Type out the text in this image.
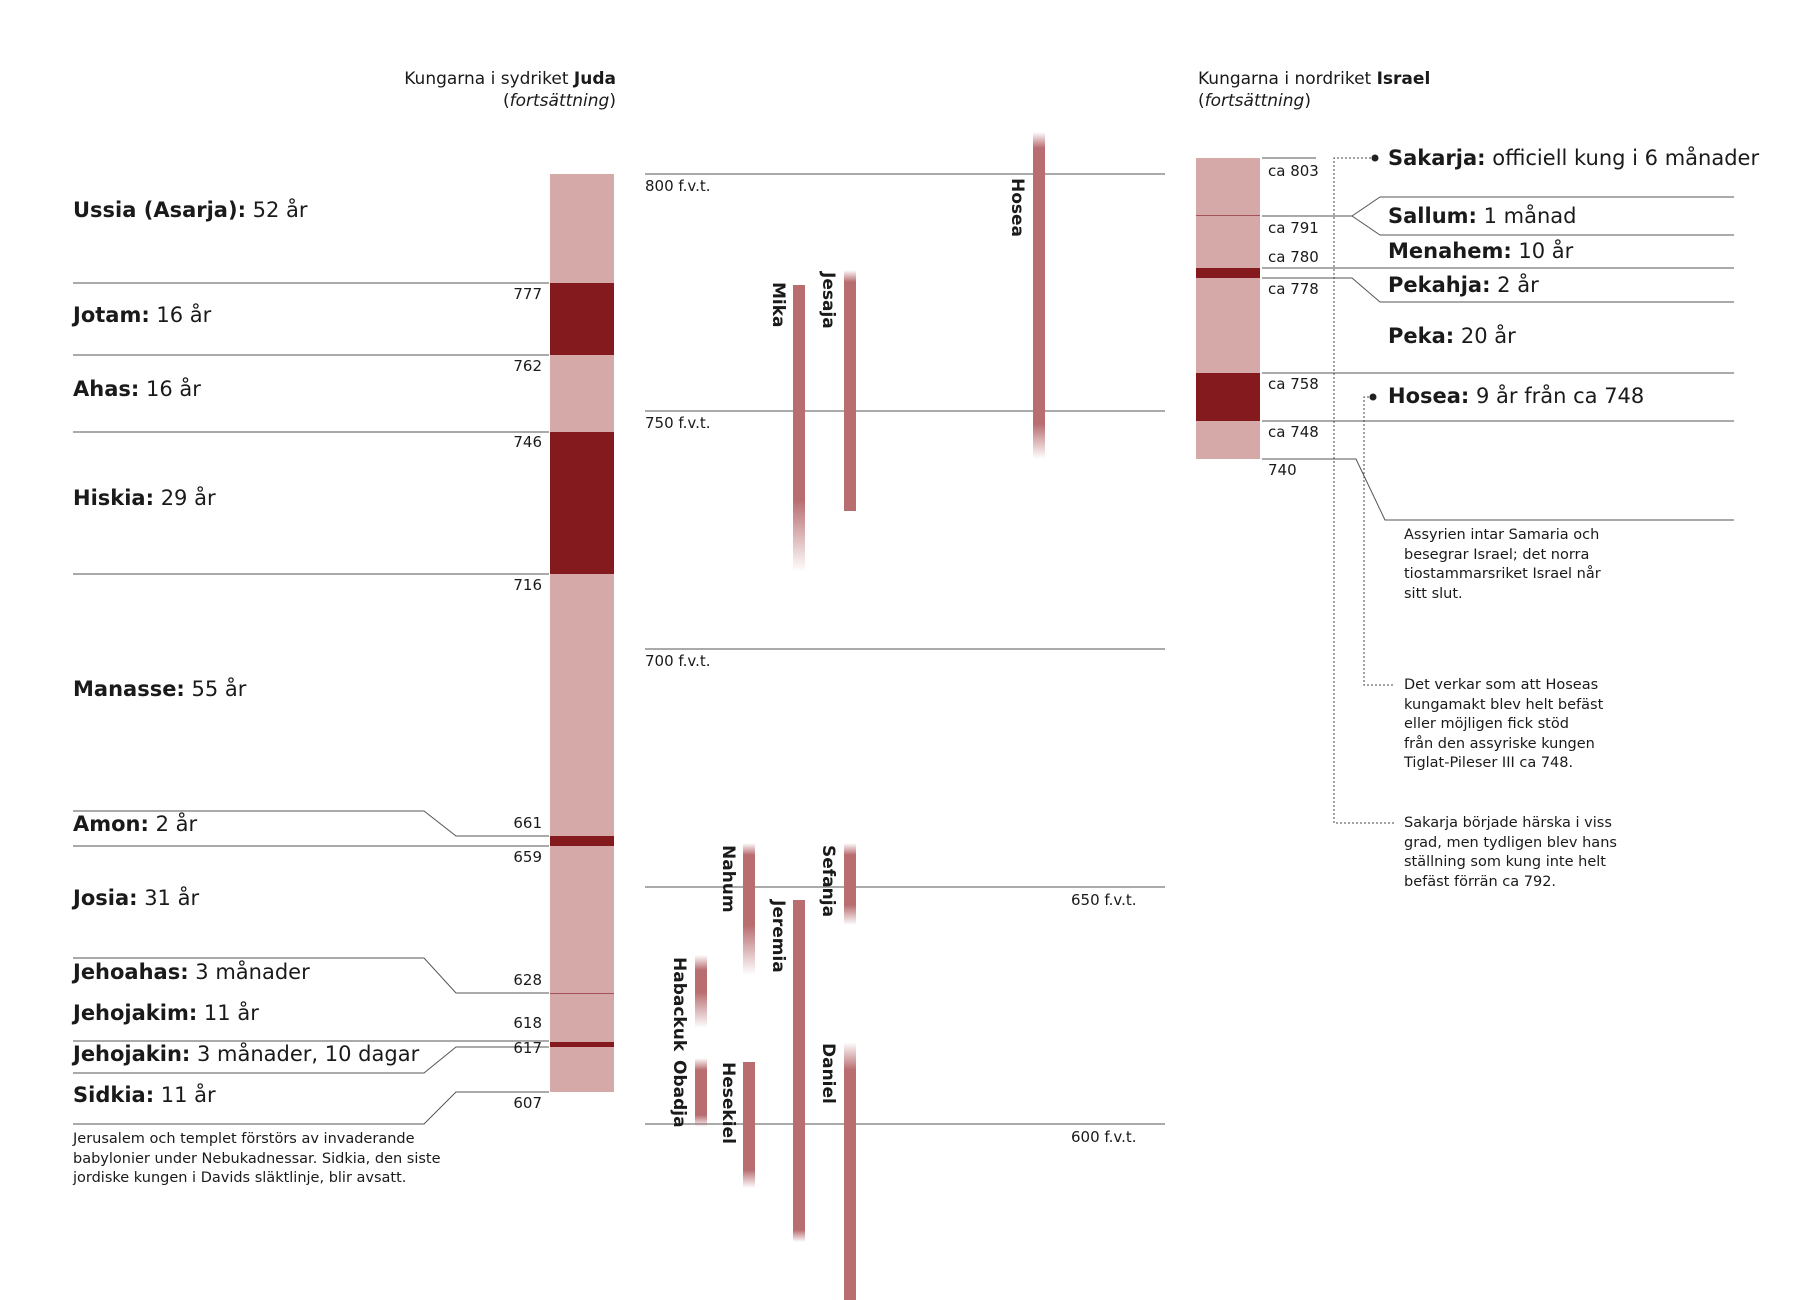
Kungarna i sydriket Juda
(fortsättning)
Kungarna i nordriket Israel
(fortsättning)
Ussia (Asarja): 52 år
Jotam: 16 år
Ahas: 16 år
Hiskia: 29 år
Manasse: 55 år
Amon: 2 år
Josia: 31 år
Jehoahas: 3 månader
Jehojakim: 11 år
Jehojakin: 3 månader, 10 dagar
Sidkia: 11 år
777
762
746
716
661
659
628
618
617
607
Jerusalem och templet förstörs av invaderande
babylonier under Nebukadnessar. Sidkia, den siste
jordiske kungen i Davids släktlinje, blir avsatt.
800 f.v.t.
750 f.v.t.
700 f.v.t.
650 f.v.t.
600 f.v.t.
Hosea
Mika Jesaja
Nahum	Sefanja
Jeremia
Habackuk
Obadja Hesekiel	Daniel
ca 803
ca 791
ca 780
ca 778
ca 758
ca 748
740
Sakarja: officiell kung i 6 månader
Sallum: 1 månad
Menahem: 10 år
Pekahja: 2 år
Peka: 20 år
Hosea: 9 år från ca 748
Assyrien intar Samaria och
besegrar Israel; det norra
tiostammarsriket Israel når
sitt slut.
Det verkar som att Hoseas
kungamakt blev helt befäst
eller möjligen fick stöd
från den assyriske kungen
Tiglat-Pileser III ca 748.
Sakarja började härska i viss
grad, men tydligen blev hans
ställning som kung inte helt
befäst förrän ca 792.
